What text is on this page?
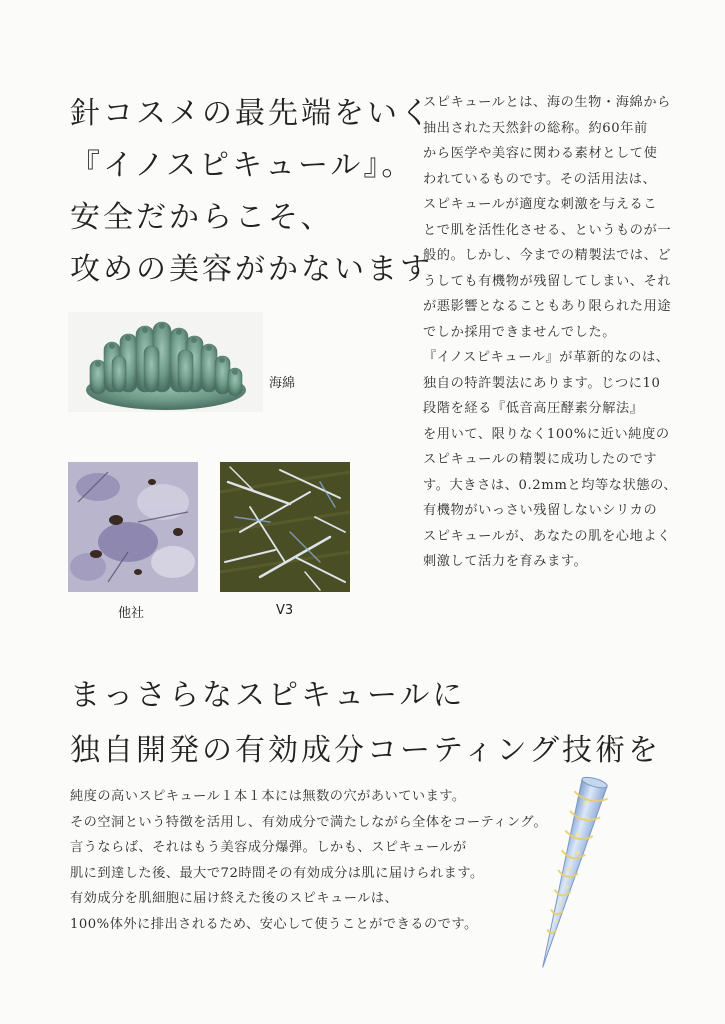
針コスメの最先端をいく
『イノスピキュール』。
安全だからこそ、
攻めの美容がかないます
スピキュールとは、海の生物・海綿から
抽出された天然針の総称。約60年前
から医学や美容に関わる素材として使
われているものです。その活用法は、
スピキュールが適度な刺激を与えるこ
とで肌を活性化させる、というものが一
般的。しかし、今までの精製法では、ど
うしても有機物が残留してしまい、それ
が悪影響となることもあり限られた用途
でしか採用できませんでした。
『イノスピキュール』が革新的なのは、
独自の特許製法にあります。じつに10
段階を経る『低音高圧酵素分解法』
を用いて、限りなく100%に近い純度の
スピキュールの精製に成功したのです
す。大きさは、0.2mmと均等な状態の、
有機物がいっさい残留しないシリカの
スピキュールが、あなたの肌を心地よく
刺激して活力を育みます。
海綿
他社	V3
まっさらなスピキュールに
独自開発の有効成分コーティング技術を
純度の高いスピキュール１本１本には無数の穴があいています。
その空洞という特徴を活用し、有効成分で満たしながら全体をコーティング。
言うならば、それはもう美容成分爆弾。しかも、スピキュールが
肌に到達した後、最大で72時間その有効成分は肌に届けられます。
有効成分を肌細胞に届け終えた後のスピキュールは、
100%体外に排出されるため、安心して使うことができるのです。
